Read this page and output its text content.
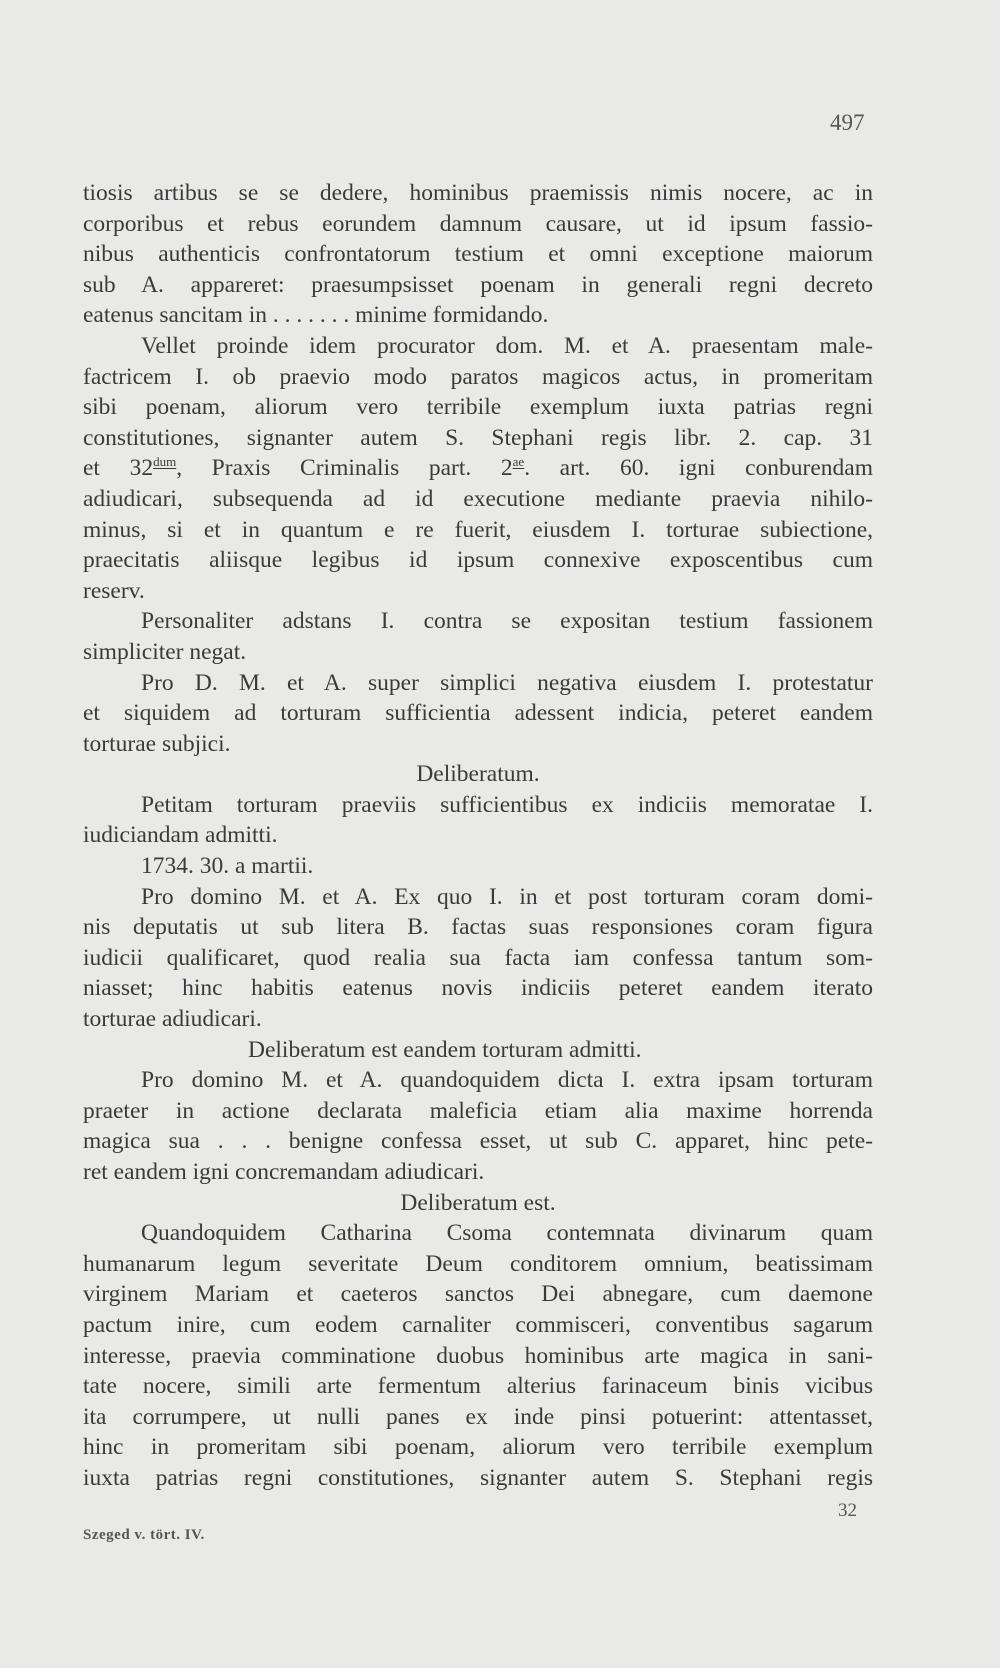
497
tiosis artibus se se dedere, hominibus praemissis nimis nocere, ac in
corporibus et rebus eorundem damnum causare, ut id ipsum fassio-
nibus authenticis confrontatorum testium et omni exceptione maiorum
sub A. appareret: praesumpsisset poenam in generali regni decreto
eatenus sancitam in . . . . . . . minime formidando.
Vellet proinde idem procurator dom. M. et A. praesentam male-
factricem I. ob praevio modo paratos magicos actus, in promeritam
sibi poenam, aliorum vero terribile exemplum iuxta patrias regni
constitutiones, signanter autem S. Stephani regis libr. 2. cap. 31
et $32^{dum}$, Praxis Criminalis part. $2^{ae}$. art. 60. igni conburendam
adiudicari, subsequenda ad id executione mediante praevia nihilo-
minus, si et in quantum e re fuerit, eiusdem I. torturae subiectione,
praecitatis aliisque legibus id ipsum connexive exposcentibus cum
reserv.
Personaliter adstans I. contra se expositan testium fassionem
simpliciter negat.
Pro D. M. et A. super simplici negativa eiusdem I. protestatur
et siquidem ad torturam sufficientia adessent indicia, peteret eandem
torturae subjici.
Deliberatum.
Petitam torturam praeviis sufficientibus ex indiciis memoratae I.
iudiciandam admitti.
1734. 30. a martii.
Pro domino M. et A. Ex quo I. in et post torturam coram domi-
nis deputatis ut sub litera B. factas suas responsiones coram figura
iudicii qualificaret, quod realia sua facta iam confessa tantum som-
niasset; hinc habitis eatenus novis indiciis peteret eandem iterato
torturae adiudicari.
Deliberatum est eandem torturam admitti.
Pro domino M. et A. quandoquidem dicta I. extra ipsam torturam
praeter in actione declarata maleficia etiam alia maxime horrenda
magica sua . . . benigne confessa esset, ut sub C. apparet, hinc pete-
ret eandem igni concremandam adiudicari.
Deliberatum est.
Quandoquidem Catharina Csoma contemnata divinarum quam
humanarum legum severitate Deum conditorem omnium, beatissimam
virginem Mariam et caeteros sanctos Dei abnegare, cum daemone
pactum inire, cum eodem carnaliter commisceri, conventibus sagarum
interesse, praevia comminatione duobus hominibus arte magica in sani-
tate nocere, simili arte fermentum alterius farinaceum binis vicibus
ita corrumpere, ut nulli panes ex inde pinsi potuerint: attentasset,
hinc in promeritam sibi poenam, aliorum vero terribile exemplum
iuxta patrias regni constitutiones, signanter autem S. Stephani regis
32
Szeged v. tört. IV.
